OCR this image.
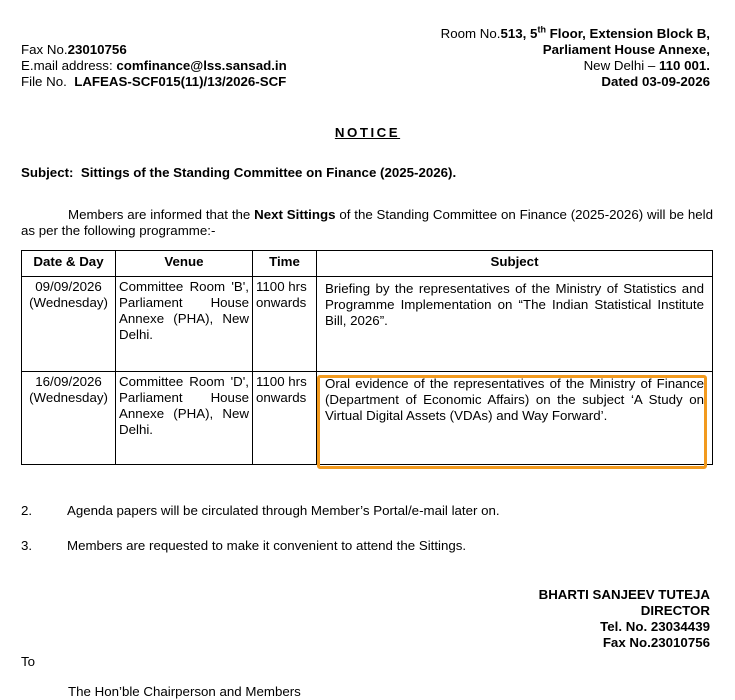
Fax No.23010756
E.mail address: comfinance@lss.sansad.in
File No.  LAFEAS-SCF015(11)/13/2026-SCF
Room No.513, 5th Floor, Extension Block B,
Parliament House Annexe,
New Delhi – 110 001.
Dated 03-09-2026
NOTICE
Subject:  Sittings of the Standing Committee on Finance (2025-2026).
Members are informed that the Next Sittings of the Standing Committee on Finance (2025-2026) will be held as per the following programme:-
Date & Day	Venue	Time	Subject

09/09/2026
(Wednesday)	Committee Room 'B', Parliament House Annexe (PHA), New Delhi.	1100 hrs onwards	Briefing by the representatives of the Ministry of Statistics and Programme Implementation on “The Indian Statistical Institute Bill, 2026”.

16/09/2026
(Wednesday)	Committee Room 'D', Parliament House Annexe (PHA), New Delhi.	1100 hrs onwards	Oral evidence of the representatives of the Ministry of Finance (Department of Economic Affairs) on the subject ‘A Study on Virtual Digital Assets (VDAs) and Way Forward’.
2.	Agenda papers will be circulated through Member’s Portal/e-mail later on.
3.	Members are requested to make it convenient to attend the Sittings.
BHARTI SANJEEV TUTEJA
DIRECTOR
Tel. No. 23034439
Fax No.23010756
To
The Hon’ble Chairperson and Members
